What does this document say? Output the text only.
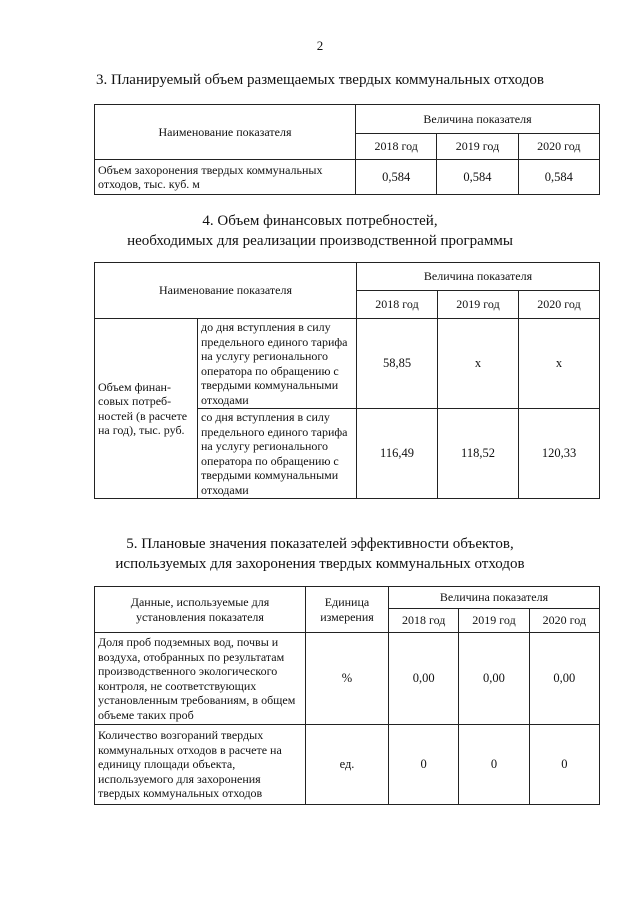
2
3. Планируемый объем размещаемых твердых коммунальных отходов
Наименование показателя	Величина показателя		
	2018 год	2019 год	2020 год
Объем захоронения твердых коммунальных отходов, тыс. куб. м	0,584	0,584	0,584
4. Объем финансовых потребностей,
необходимых для реализации производственной программы
Наименование показателя		Величина показателя		
		2018 год	2019 год	2020 год
Объем финан-совых потреб-ностей (в расчете на год), тыс. руб.	до дня вступления в силу предельного единого тарифа на услугу регионального оператора по обращению с твердыми коммунальными отходами	58,85	x	x
	со дня вступления в силу предельного единого тарифа на услугу регионального оператора по обращению с твердыми коммунальными отходами	116,49	118,52	120,33
5. Плановые значения показателей эффективности объектов,
используемых для захоронения твердых коммунальных отходов
Данные, используемые для установления показателя	Единица измерения	Величина показателя		
		2018 год	2019 год	2020 год
Доля проб подземных вод, почвы и воздуха, отобранных по результатам производственного экологического контроля, не соответствующих установленным требованиям, в общем объеме таких проб	%	0,00	0,00	0,00
Количество возгораний твердых коммунальных отходов в расчете на единицу площади объекта, используемого для захоронения твердых коммунальных отходов	ед.	0	0	0
